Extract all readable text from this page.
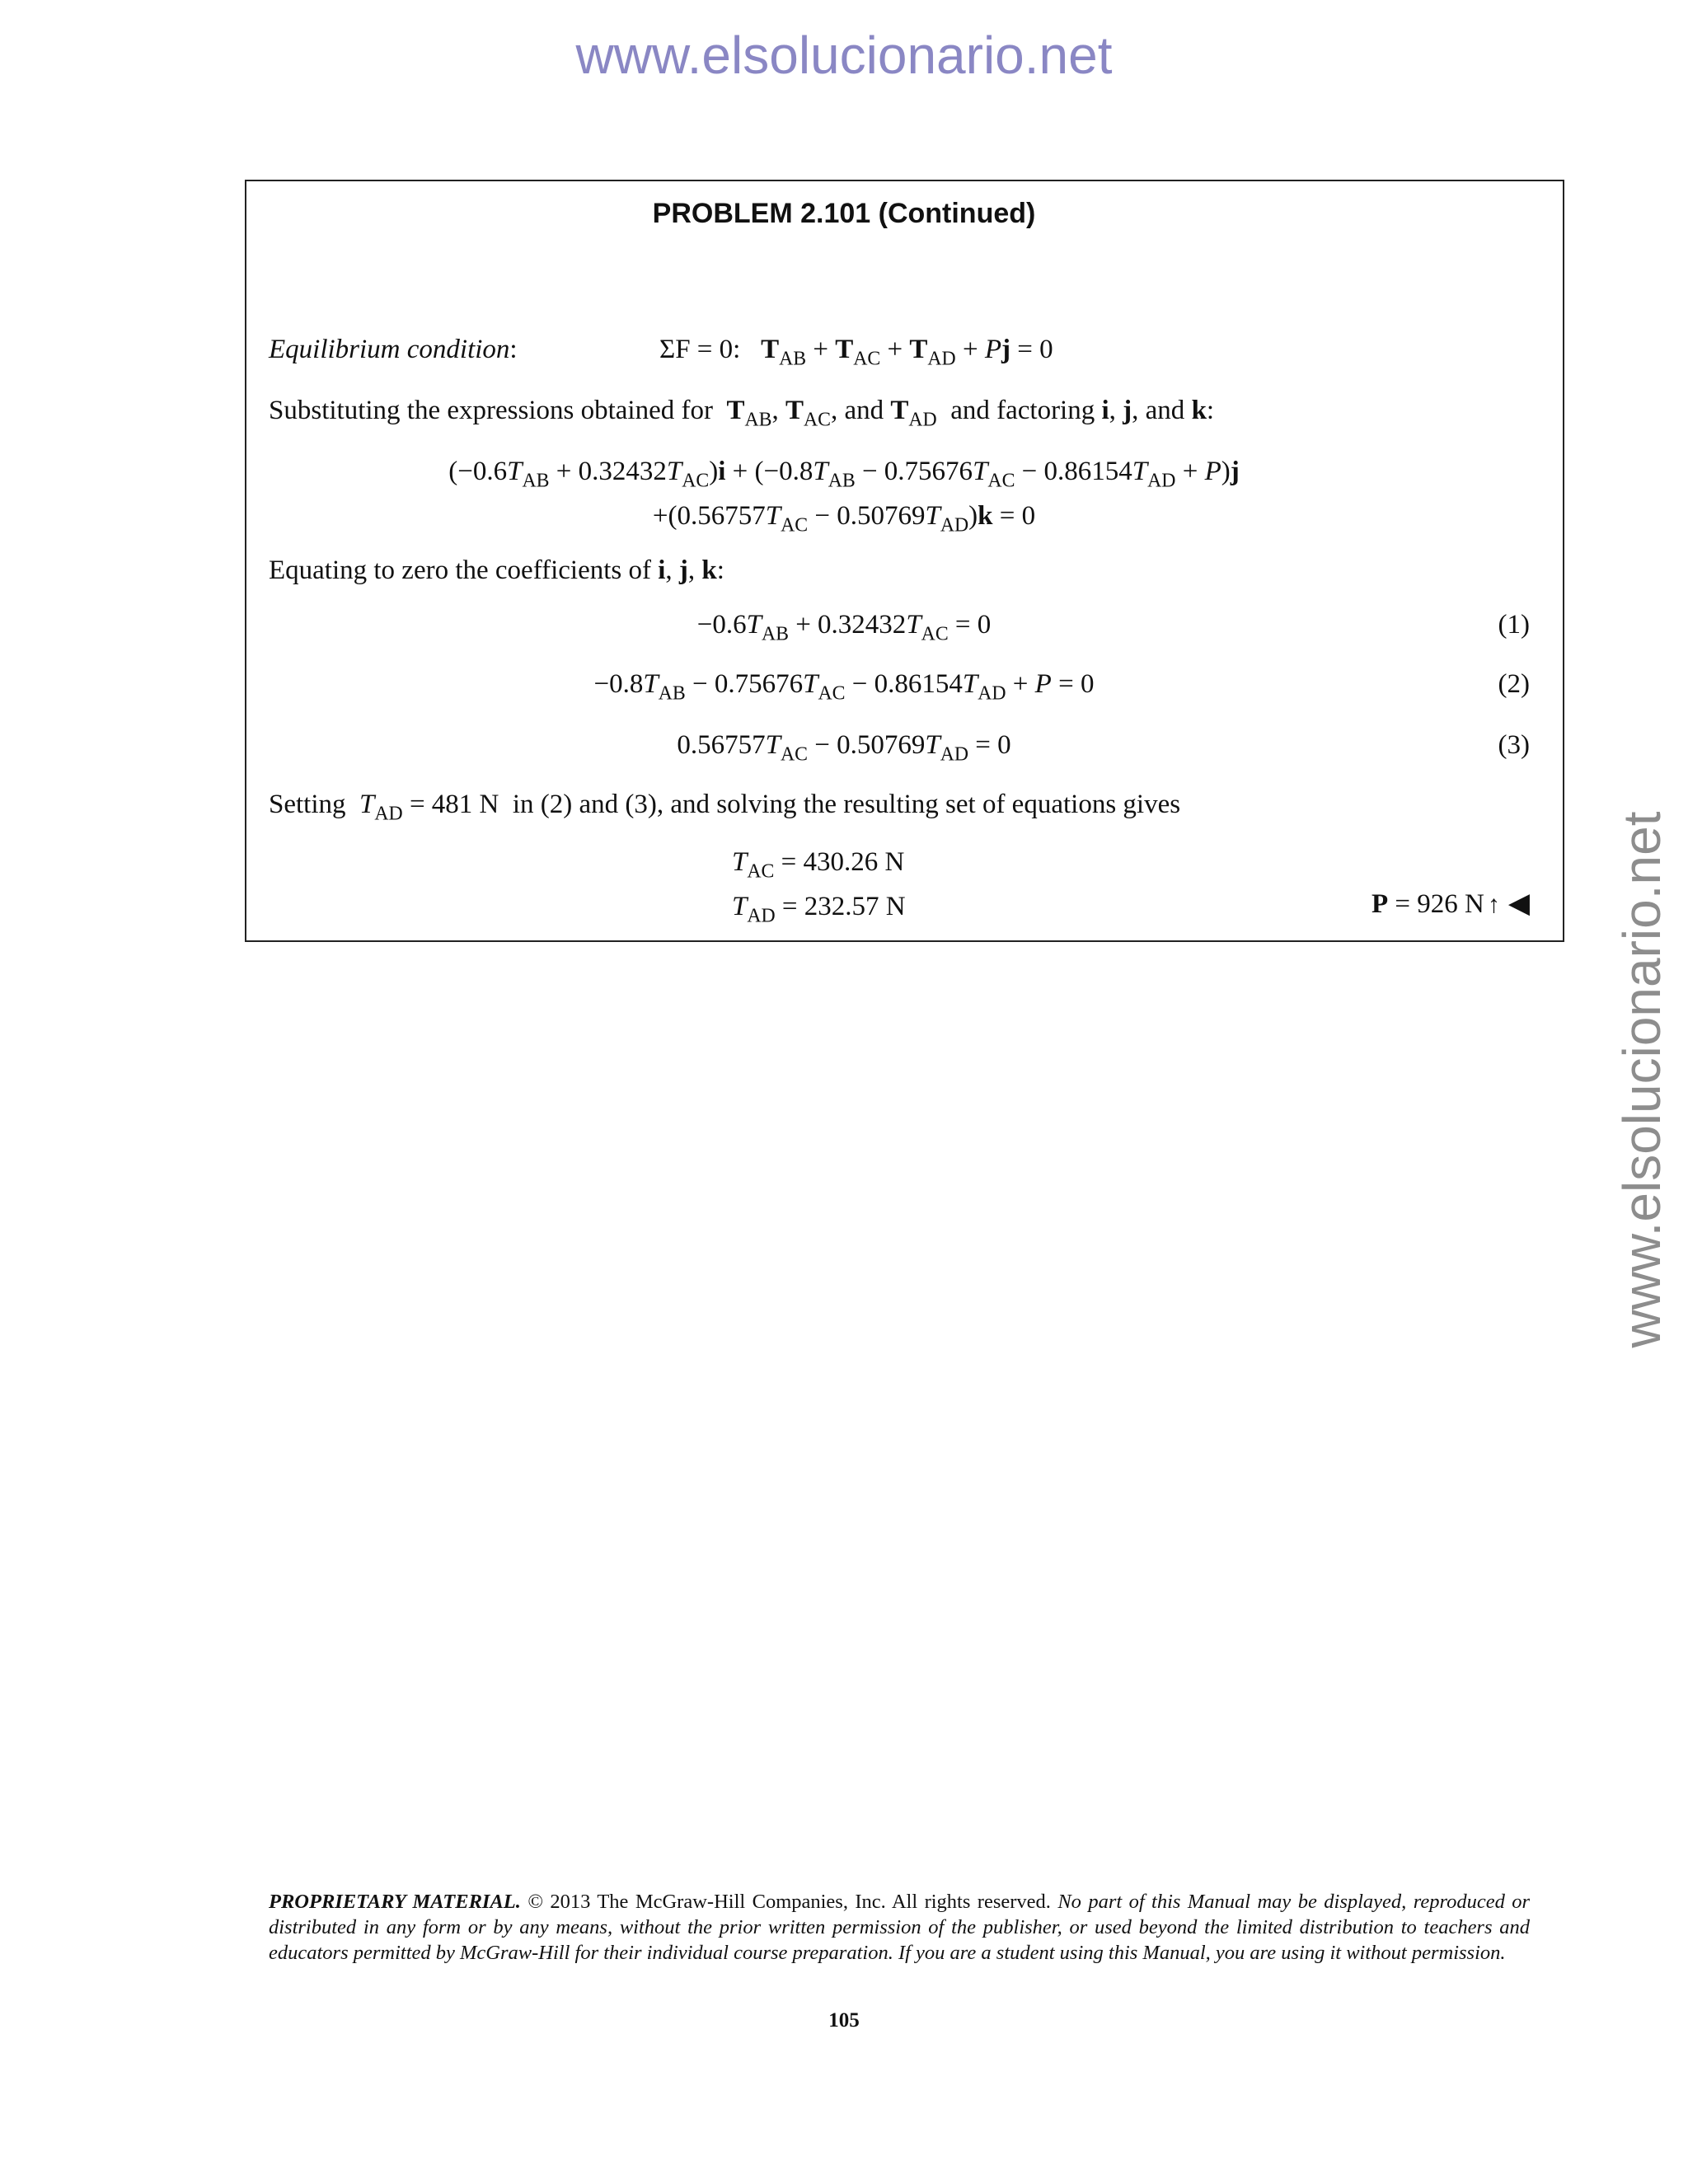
www.elsolucionario.net
www.elsolucionario.net
PROBLEM 2.101 (Continued)
Equilibrium condition:	ΣF = 0:   $T_{AB} + T_{AC} + T_{AD} + Pj = 0$
Substituting the expressions obtained for $T_{AB}$, $T_{AC}$, and $T_{AD}$  and factoring i, j, and k:
$(-0.6T_{AB} + 0.32432T_{AC})i + (-0.8T_{AB} - 0.75676T_{AC} - 0.86154T_{AD} + P)j$
$+(0.56757T_{AC} - 0.50769T_{AD})k = 0$
Equating to zero the coefficients of i, j, k:
$-0.6T_{AB} + 0.32432T_{AC} = 0$	(1)
$-0.8T_{AB} - 0.75676T_{AC} - 0.86154T_{AD} + P = 0$	(2)
$0.56757T_{AC} - 0.50769T_{AD} = 0$	(3)
Setting $T_{AD} = 481$ N  in (2) and (3), and solving the resulting set of equations gives
$T_{AC} = 430.26$ N
$T_{AD} = 232.57$ N	P = 926 N ↑ ◀
PROPRIETARY MATERIAL. © 2013 The McGraw-Hill Companies, Inc. All rights reserved. No part of this Manual may be displayed, reproduced or distributed in any form or by any means, without the prior written permission of the publisher, or used beyond the limited distribution to teachers and educators permitted by McGraw-Hill for their individual course preparation. If you are a student using this Manual, you are using it without permission.
105
